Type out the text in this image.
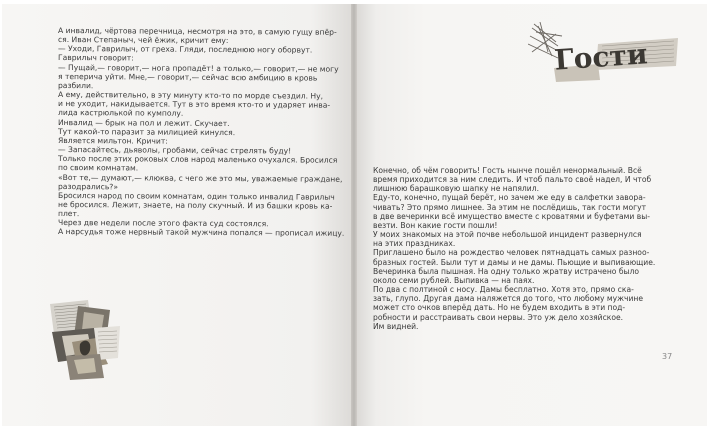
А инвалид, чёртова перечница, несмотря на это, в самую гущу впёр-

ся. Иван Степаныч, чей ёжик, кричит ему:

— Уходи, Гаврилыч, от греха. Гляди, последнюю ногу оборвут.

Гаврилыч говорит:

— Пущай,— говорит,— нога пропадёт! а только,— говорит,— не могу

я теперича уйти. Мне,— говорит,— сейчас всю амбицию в кровь

разбили.

А ему, действительно, в эту минуту кто-то по морде съездил. Ну,

и не уходит, накидывается. Тут в это время кто-то и ударяет инва-

лида кастрюлькой по кумполу.

Инвалид — брык на пол и лежит. Скучает.

Тут какой-то паразит за милицией кинулся.

Является мильтон. Кричит:

— Запасайтесь, дьяволы, гробами, сейчас стрелять буду!

Только после этих роковых слов народ маленько очухался. Бросился

по своим комнатам.

«Вот те,— думают,— клюква, с чего же это мы, уважаемые граждане,

разодрались?»

Бросился народ по своим комнатам, один только инвалид Гаврилыч

не бросился. Лежит, знаете, на полу скучный. И из башки кровь ка-

плет.

Через две недели после этого факта суд состоялся.

А нарсудья тоже нервный такой мужчина попался — прописал ижицу.

Гости

Конечно, об чём говорить! Гость нынче пошёл ненормальный. Всё

время приходится за ним следить. И чтоб пальто своё надел, И чтоб

лишнюю барашковую шапку не напялил.

Еду-то, конечно, пущай берёт, но зачем же еду в салфетки завора-

чивать? Это прямо лишнее. За этим не послёдишь, так гости могут

в две вечеринки всё имущество вместе с кроватями и буфетами вы-

везти. Вон какие гости пошли!

У моих знакомых на этой почве небольшой инцидент развернулся

на этих праздниках.

Приглашено было на рождество человек пятнадцать самых разноо-

бразных гостей. Были тут и дамы и не дамы. Пьющие и выпивающие.

Вечеринка была пышная. На одну только жратву истрачено было

около семи рублей. Выпивка — на паях.

По два с полтиной с носу. Дамы бесплатно. Хотя это, прямо ска-

зать, глупо. Другая дама наляжется до того, что любому мужчине

может сто очков вперёд дать. Но не будем входить в эти под-

робности и расстраивать свои нервы. Это уж дело хозяйское.

Им видней.

37
